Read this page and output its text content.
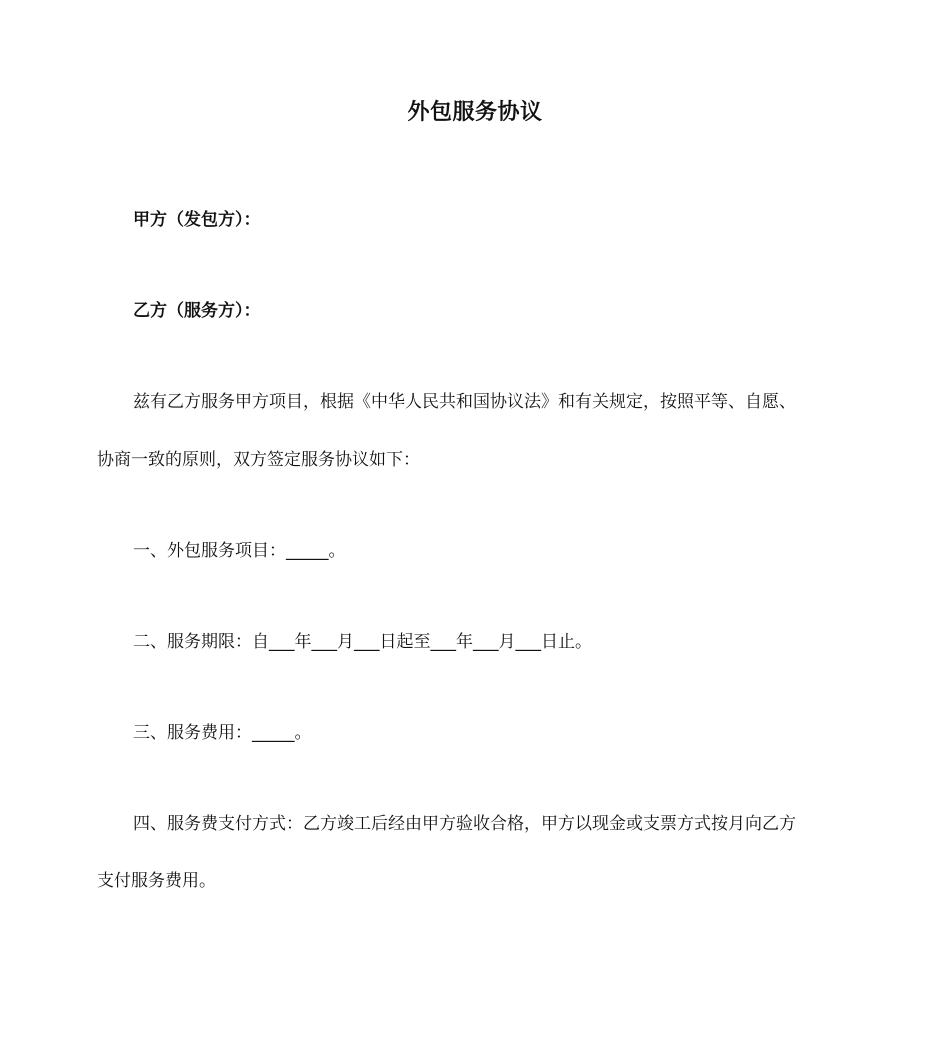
外包服务协议
甲方（发包方）：
乙方（服务方）：
兹有乙方服务甲方项目，根据《中华人民共和国协议法》和有关规定，按照平等、自愿、
协商一致的原则，双方签定服务协议如下：
一、外包服务项目：_____。
二、服务期限：自___年___月___日起至___年___月___日止。
三、服务费用：_____。
四、服务费支付方式：乙方竣工后经由甲方验收合格，甲方以现金或支票方式按月向乙方
支付服务费用。
